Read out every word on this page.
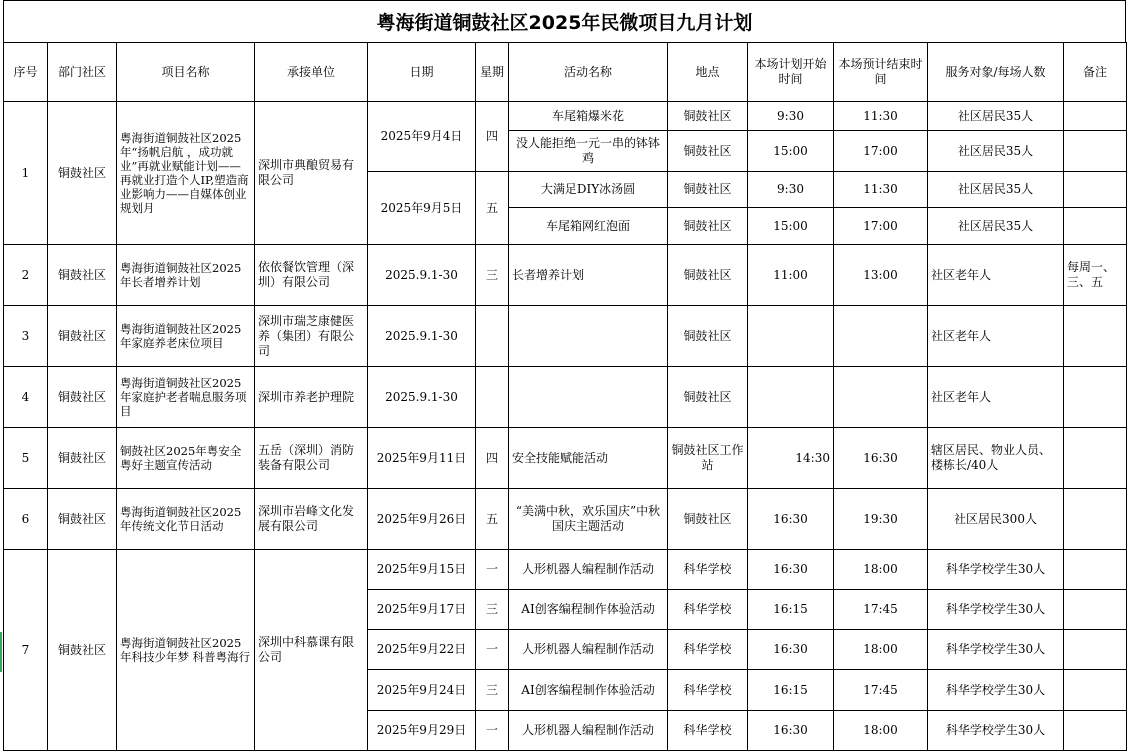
粤海街道铜鼓社区2025年民微项目九月计划
序号	部门社区	项目名称	承接单位	日期	星期	活动名称	地点	本场计划开始时间	本场预计结束时间	服务对象/每场人数	备注
1	铜鼓社区	粤海街道铜鼓社区2025年“扬帆启航 ，成功就业”再就业赋能计划——再就业打造个人IP,塑造商业影响力——自媒体创业规划月	深圳市典酿贸易有限公司	2025年9月4日	四	车尾箱爆米花	铜鼓社区	9:30	11:30	社区居民35人	
						没人能拒绝一元一串的钵钵鸡	铜鼓社区	15:00	17:00	社区居民35人	
				2025年9月5日	五	大满足DIY冰汤圆	铜鼓社区	9:30	11:30	社区居民35人	
						车尾箱网红泡面	铜鼓社区	15:00	17:00	社区居民35人	
2	铜鼓社区	粤海街道铜鼓社区2025年长者增养计划	依依餐饮管理（深圳）有限公司	2025.9.1-30	三	长者增养计划	铜鼓社区	11:00	13:00	社区老年人	每周一、三、五
3	铜鼓社区	粤海街道铜鼓社区2025年家庭养老床位项目	深圳市瑞芝康健医养（集团）有限公司	2025.9.1-30			铜鼓社区			社区老年人	
4	铜鼓社区	粤海街道铜鼓社区2025年家庭护老者喘息服务项目	深圳市养老护理院	2025.9.1-30			铜鼓社区			社区老年人	
5	铜鼓社区	铜鼓社区2025年粤安全粤好主题宣传活动	五岳（深圳）消防装备有限公司	2025年9月11日	四	安全技能赋能活动	铜鼓社区工作站	14:30	16:30	辖区居民、物业人员、楼栋长/40人	
6	铜鼓社区	粤海街道铜鼓社区2025年传统文化节日活动	深圳市岩峰文化发展有限公司	2025年9月26日	五	“美满中秋，欢乐国庆”中秋国庆主题活动	铜鼓社区	16:30	19:30	社区居民300人	
7	铜鼓社区	粤海街道铜鼓社区2025年科技少年梦 科普粤海行	深圳中科慕课有限公司	2025年9月15日	一	人形机器人编程制作活动	科华学校	16:30	18:00	科华学校学生30人	
				2025年9月17日	三	AI创客编程制作体验活动	科华学校	16:15	17:45	科华学校学生30人	
				2025年9月22日	一	人形机器人编程制作活动	科华学校	16:30	18:00	科华学校学生30人	
				2025年9月24日	三	AI创客编程制作体验活动	科华学校	16:15	17:45	科华学校学生30人	
				2025年9月29日	一	人形机器人编程制作活动	科华学校	16:30	18:00	科华学校学生30人	
